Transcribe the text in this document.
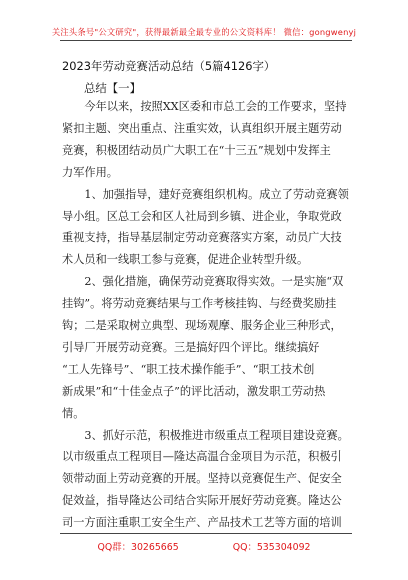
关注头条号"公文研究"，获得最新最全最专业的公文资料库！ 微信：gongwenyj
2023年劳动竞赛活动总结（5篇4126字）
总结【一】
　　今年以来，按照XX区委和市总工会的工作要求，坚持
紧扣主题、突出重点、注重实效，认真组织开展主题劳动
竞赛，积极团结动员广大职工在“十三五”规划中发挥主
力军作用。
　　1、加强指导，建好竞赛组织机构。成立了劳动竞赛领
导小组。区总工会和区人社局到乡镇、进企业，争取党政
重视支持，指导基层制定劳动竞赛落实方案，动员广大技
术人员和一线职工参与竞赛，促进企业转型升级。
　　2、强化措施，确保劳动竞赛取得实效。一是实施“双
挂钩”。将劳动竞赛结果与工作考核挂钩、与经费奖励挂
钩；二是采取树立典型、现场观摩、服务企业三种形式，
引导厂开展劳动竞赛。三是搞好四个评比。继续搞好
“工人先锋号”、“职工技术操作能手”、“职工技术创
新成果”和“十佳金点子”的评比活动，激发职工劳动热
情。
　　3、抓好示范，积极推进市级重点工程项目建设竞赛。
以市级重点工程项目—隆达高温合金项目为示范，积极引
领带动面上劳动竞赛的开展。坚持以竞赛促生产、促安全
促效益，指导隆达公司结合实际开展好劳动竞赛。隆达公
司一方面注重职工安全生产、产品技术工艺等方面的培训
QQ群：30265665	QQ：535304092
